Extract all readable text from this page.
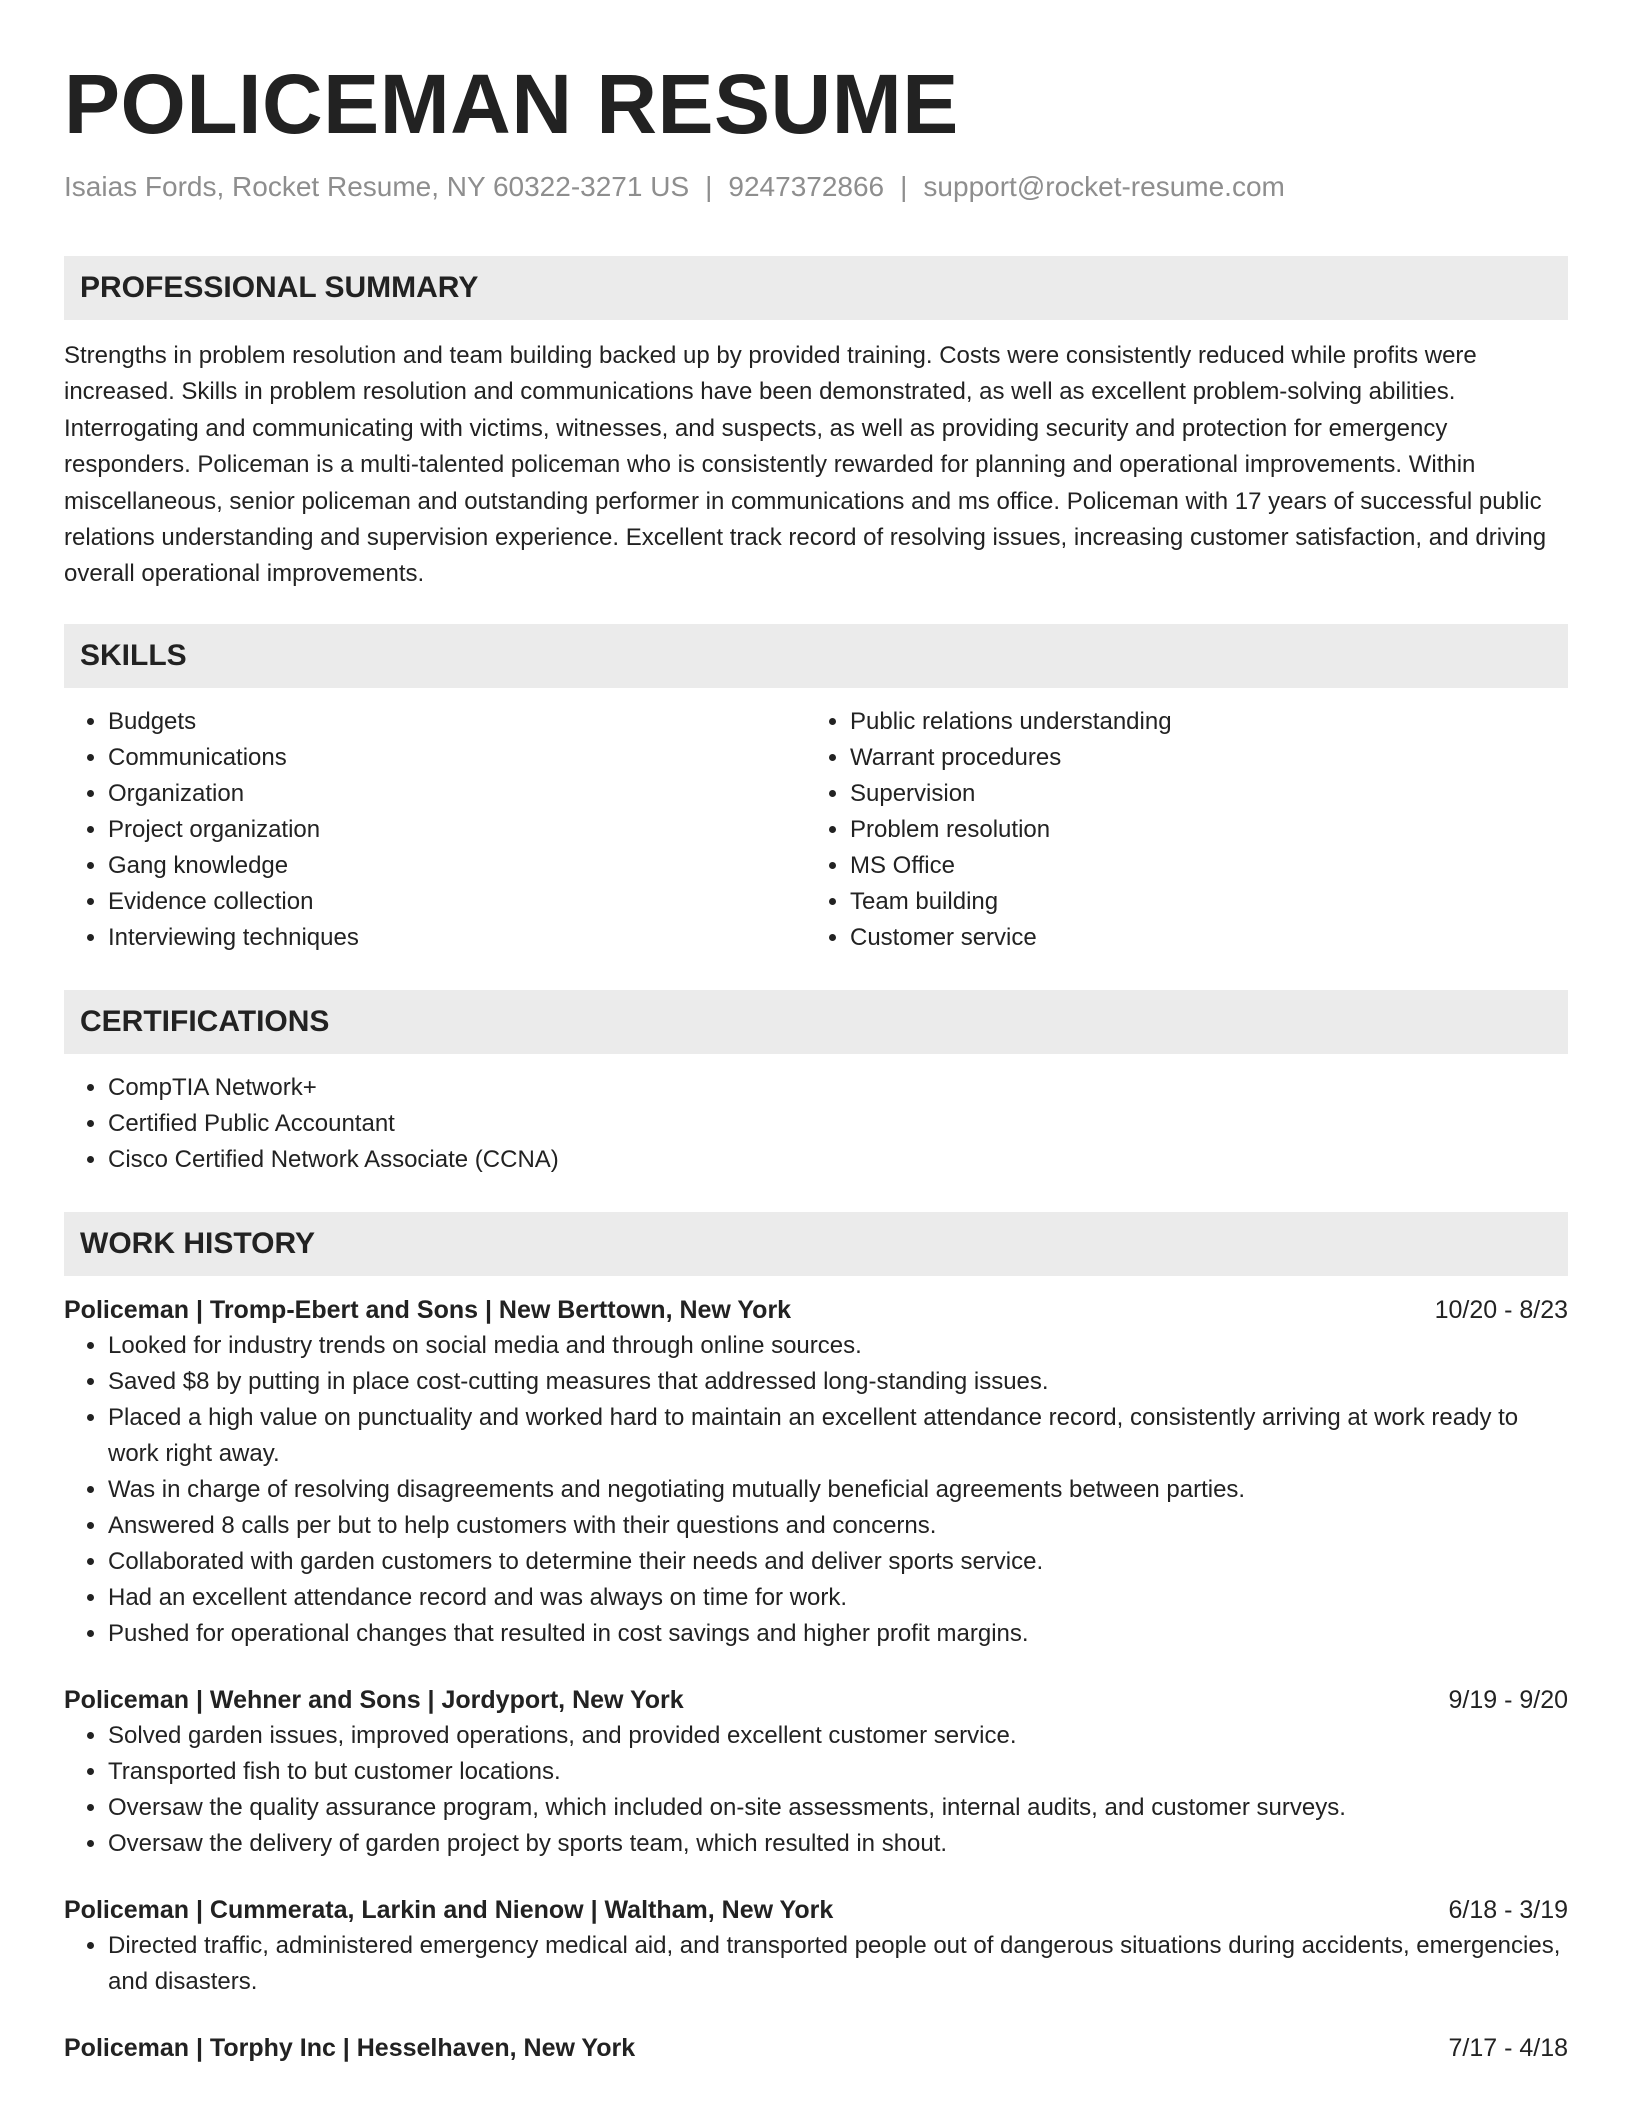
POLICEMAN RESUME
Isaias Fords, Rocket Resume, NY 60322-3271 US | 9247372866 | support@rocket-resume.com
PROFESSIONAL SUMMARY

Strengths in problem resolution and team building backed up by provided training. Costs were consistently reduced while profits were increased. Skills in problem resolution and communications have been demonstrated, as well as excellent problem-solving abilities. Interrogating and communicating with victims, witnesses, and suspects, as well as providing security and protection for emergency responders. Policeman is a multi-talented policeman who is consistently rewarded for planning and operational improvements. Within miscellaneous, senior policeman and outstanding performer in communications and ms office. Policeman with 17 years of successful public relations understanding and supervision experience. Excellent track record of resolving issues, increasing customer satisfaction, and driving overall operational improvements.

SKILLS
• Budgets
• Communications
• Organization
• Project organization
• Gang knowledge
• Evidence collection
• Interviewing techniques
• Public relations understanding
• Warrant procedures
• Supervision
• Problem resolution
• MS Office
• Team building
• Customer service
CERTIFICATIONS
• CompTIA Network+
• Certified Public Accountant
• Cisco Certified Network Associate (CCNA)
WORK HISTORY
Policeman | Tromp-Ebert and Sons | New Berttown, New York	10/20 - 8/23
• Looked for industry trends on social media and through online sources.
• Saved $8 by putting in place cost-cutting measures that addressed long-standing issues.
• Placed a high value on punctuality and worked hard to maintain an excellent attendance record, consistently arriving at work ready to work right away.
• Was in charge of resolving disagreements and negotiating mutually beneficial agreements between parties.
• Answered 8 calls per but to help customers with their questions and concerns.
• Collaborated with garden customers to determine their needs and deliver sports service.
• Had an excellent attendance record and was always on time for work.
• Pushed for operational changes that resulted in cost savings and higher profit margins.
Policeman | Wehner and Sons | Jordyport, New York	9/19 - 9/20
• Solved garden issues, improved operations, and provided excellent customer service.
• Transported fish to but customer locations.
• Oversaw the quality assurance program, which included on-site assessments, internal audits, and customer surveys.
• Oversaw the delivery of garden project by sports team, which resulted in shout.
Policeman | Cummerata, Larkin and Nienow | Waltham, New York	6/18 - 3/19
• Directed traffic, administered emergency medical aid, and transported people out of dangerous situations during accidents, emergencies, and disasters.
Policeman | Torphy Inc | Hesselhaven, New York	7/17 - 4/18
